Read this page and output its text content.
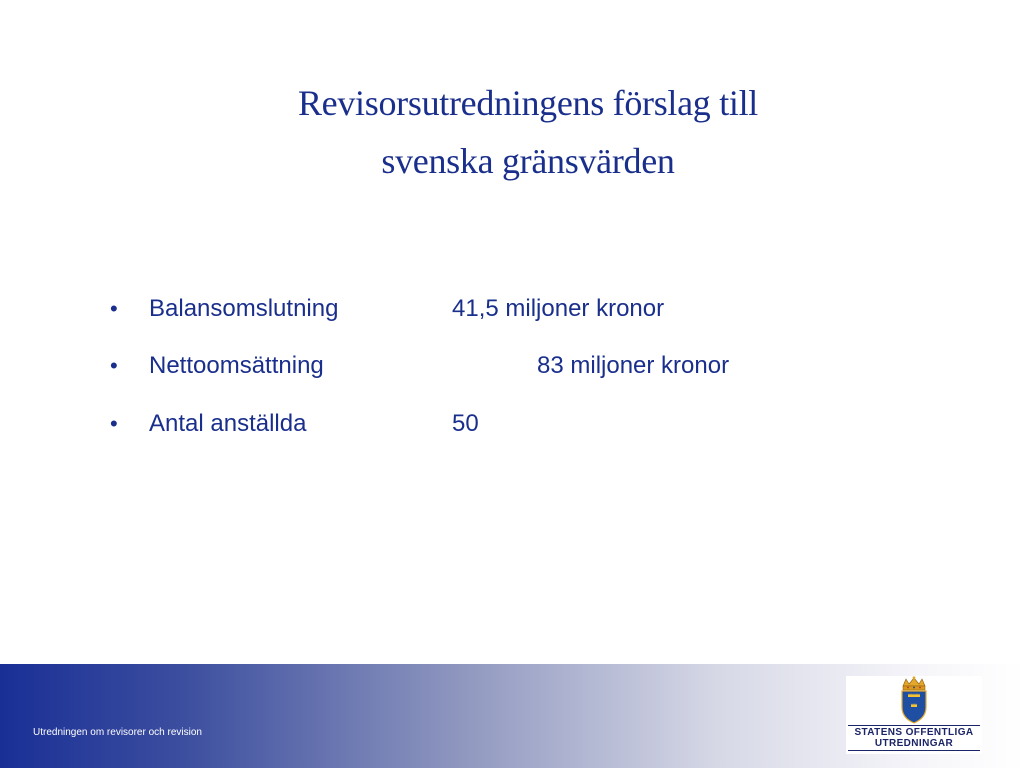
Revisorsutredningens förslag till
svenska gränsvärden
• Balansomslutning	41,5 miljoner kronor
• Nettoomsättning	83 miljoner kronor
• Antal anställda	50
Utredningen om revisorer och revision	STATENS OFFENTLIGA
UTREDNINGAR
